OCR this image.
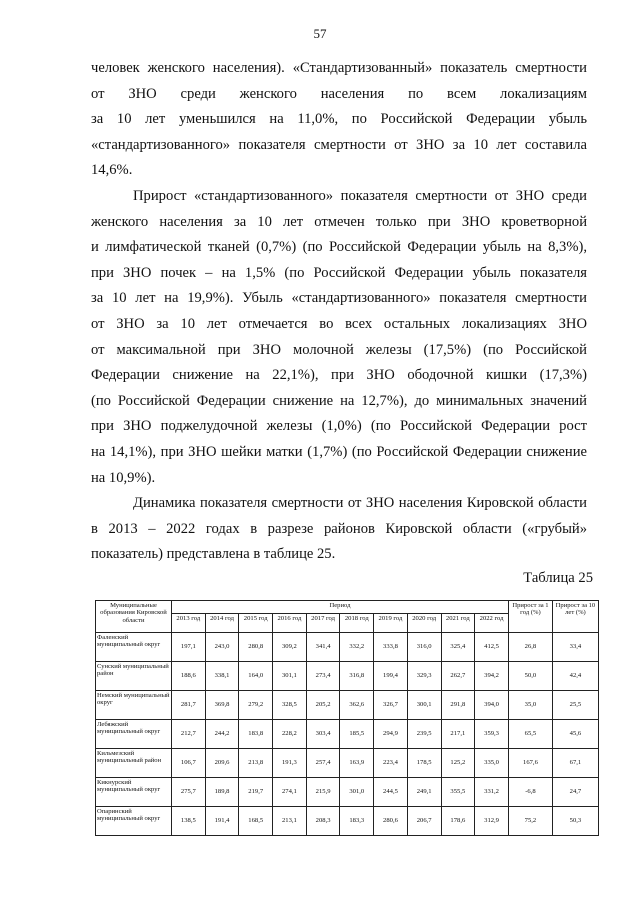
57
человек женского населения). «Стандартизованный» показатель смертности
от ЗНО среди женского населения по всем локализациям
за 10 лет уменьшился на 11,0%, по Российской Федерации убыль
«стандартизованного» показателя смертности от ЗНО за 10 лет составила
14,6%.
Прирост «стандартизованного» показателя смертности от ЗНО среди
женского населения за 10 лет отмечен только при ЗНО кроветворной
и лимфатической тканей (0,7%) (по Российской Федерации убыль на 8,3%),
при ЗНО почек – на 1,5% (по Российской Федерации убыль показателя
за 10 лет на 19,9%). Убыль «стандартизованного» показателя смертности
от ЗНО за 10 лет отмечается во всех остальных локализациях ЗНО
от максимальной при ЗНО молочной железы (17,5%) (по Российской
Федерации снижение на 22,1%), при ЗНО ободочной кишки (17,3%)
(по Российской Федерации снижение на 12,7%), до минимальных значений
при ЗНО поджелудочной железы (1,0%) (по Российской Федерации рост
на 14,1%), при ЗНО шейки матки (1,7%) (по Российской Федерации снижение
на 10,9%).
Динамика показателя смертности от ЗНО населения Кировской области
в 2013 – 2022 годах в разрезе районов Кировской области («грубый»
показатель) представлена в таблице 25.
Таблица 25
Муниципальные образования Кировской области	Период										Прирост за 1 год (%)	Прирост за 10 лет (%)
	2013 год	2014 год	2015 год	2016 год	2017 год	2018 год	2019 год	2020 год	2021 год	2022 год		
Фаленский муниципальный округ	197,1	243,0	280,8	309,2	341,4	332,2	333,8	316,0	325,4	412,5	26,8	33,4
Сунский муниципальный район	188,6	338,1	164,0	301,1	273,4	316,8	199,4	329,3	262,7	394,2	50,0	42,4
Немский муниципальный округ	281,7	369,8	279,2	328,5	205,2	362,6	326,7	300,1	291,8	394,0	35,0	25,5
Лебяжский муниципальный округ	212,7	244,2	183,8	228,2	303,4	185,5	294,9	239,5	217,1	359,3	65,5	45,6
Кильмезский муниципальный район	106,7	209,6	213,8	191,3	257,4	163,9	223,4	178,5	125,2	335,0	167,6	67,1
Кикнурский муниципальный округ	275,7	189,8	219,7	274,1	215,9	301,0	244,5	249,1	355,5	331,2	-6,8	24,7
Опаринский муниципальный округ	138,5	191,4	168,5	213,1	208,3	183,3	280,6	206,7	178,6	312,9	75,2	50,3
